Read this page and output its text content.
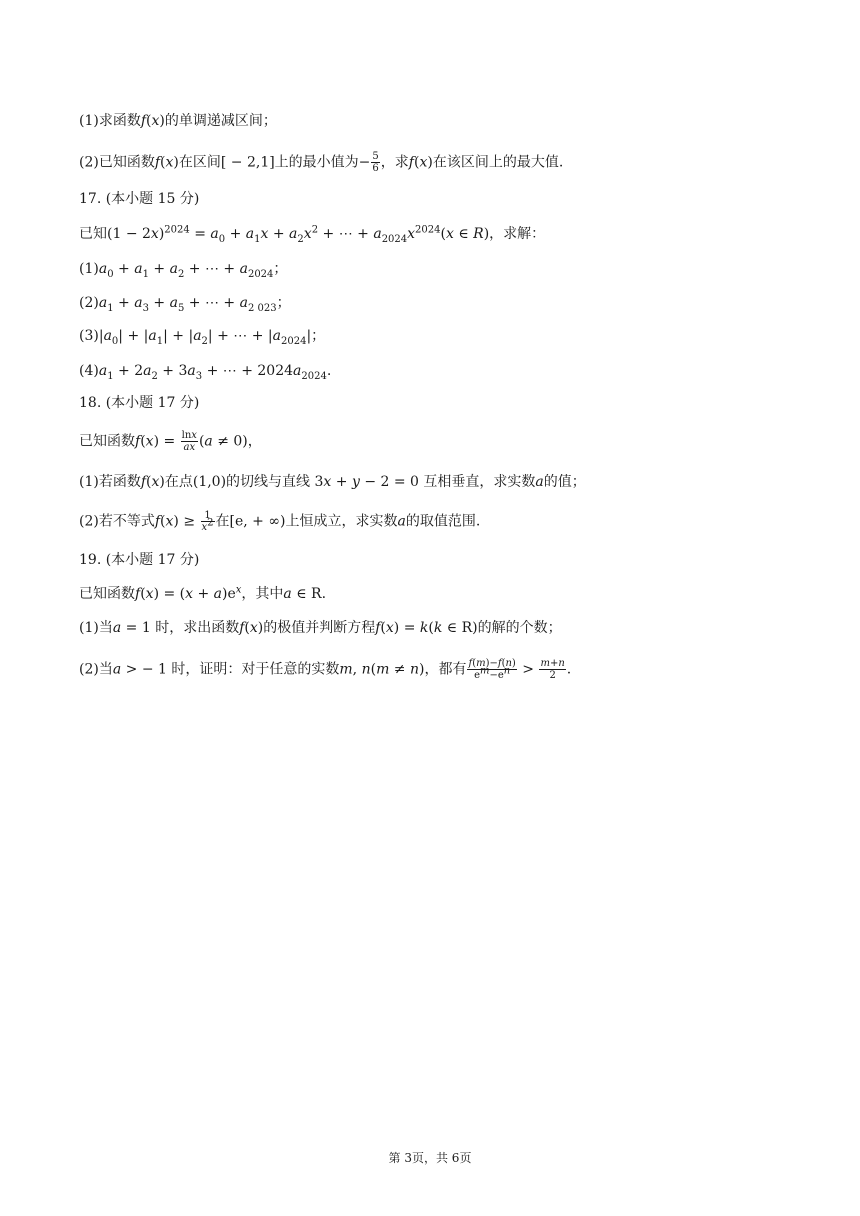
(1)求函数f(x)的单调递减区间；
(2)已知函数f(x)在区间[ − 2,1]上的最小值为− $\frac{5}{6}$ ，求f(x)在该区间上的最大值.
17. (本小题 15 分)
已知$(1 - 2x)^{2024} = a_0 + a_1x + a_2x^2$ + ⋯ + $a_{2024}x^{2024}(x$ ∈ R)，求解：
$(1)a_0 + a_1 + a_2$ + ⋯ + $a_{2024}$；
$(2)a_1 + a_3 + a_5$ + ⋯ + $a_{2 023}$；
$(3)|a_0| + |a_1| + |a_2|$ + ⋯ + $|a_{2024}|$；
$(4)a_1 + 2a_2 + 3a_3$ + ⋯ + $2024a_{2024}$.
18. (本小题 17 分)
已知函数$f(x) = \frac{\ln x}{ax} (a \ne 0)$，
(1)若函数f(x)在点(1,0)的切线与直线 3x + y − 2 = 0 互相垂直，求实数a的值；
(2)若不等式$f(x) \ge \frac{1}{x^2}$ 在[e, + ∞)上恒成立，求实数a的取值范围.
19. (本小题 17 分)
已知函数$f(x) = (x + a)e^x$，其中a ∈ R.
(1)当a = 1 时，求出函数f(x)的极值并判断方程f(x) = k(k ∈ R)的解的个数；
(2)当a > − 1 时，证明：对于任意的实数m, n(m ≠ n)，都有 $\frac{f(m)-f(n)}{e^m-e^n} > \frac{m+n}{2}$ .
第 3页，共 6页
